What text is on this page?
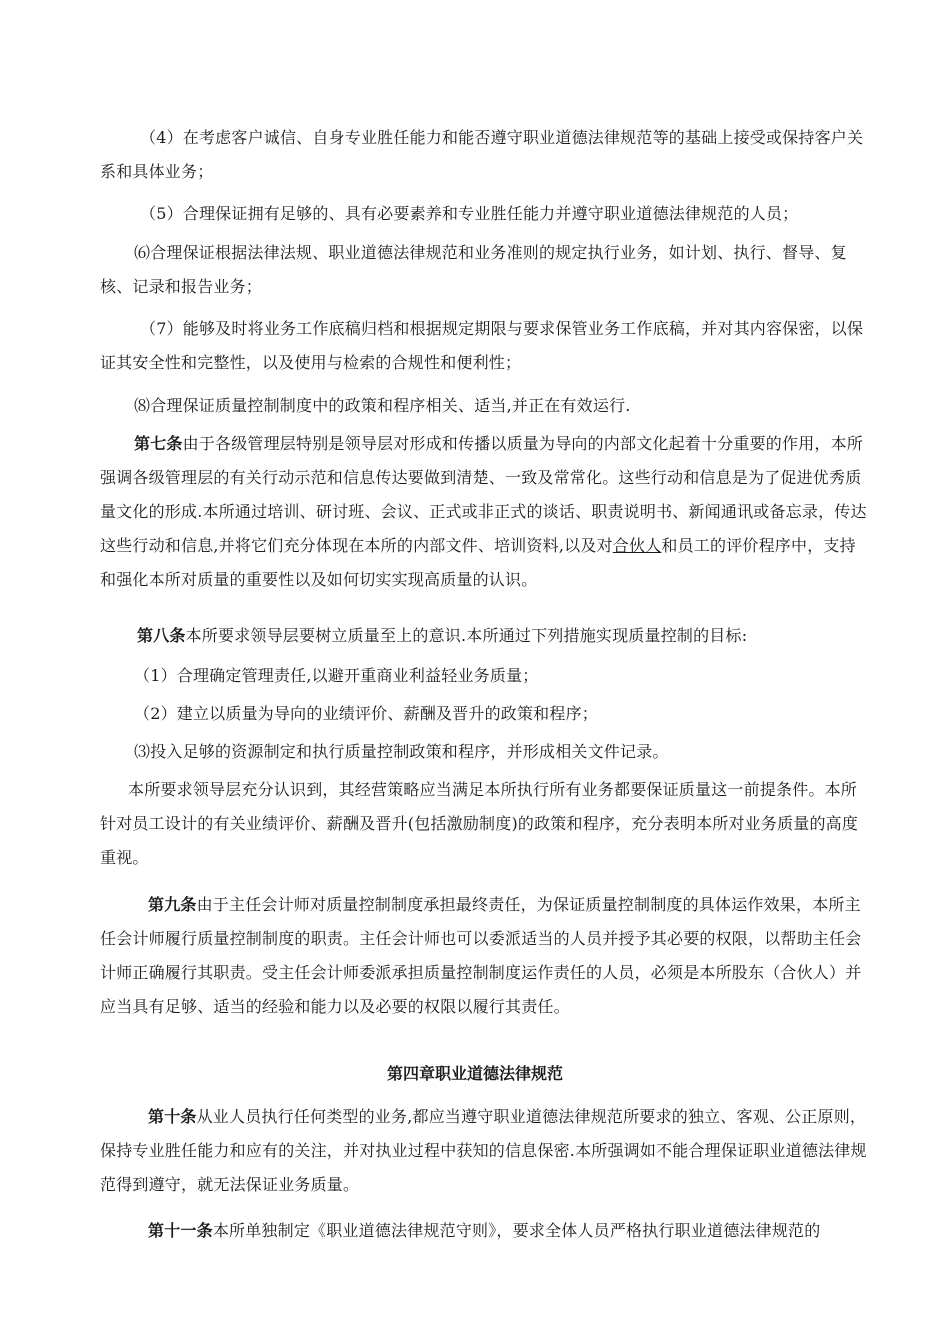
（4）在考虑客户诚信、自身专业胜任能力和能否遵守职业道德法律规范等的基础上接受或保持客户关系和具体业务；

（5）合理保证拥有足够的、具有必要素养和专业胜任能力并遵守职业道德法律规范的人员；

⑹合理保证根据法律法规、职业道德法律规范和业务准则的规定执行业务，如计划、执行、督导、复核、记录和报告业务；

（7）能够及时将业务工作底稿归档和根据规定期限与要求保管业务工作底稿，并对其内容保密，以保证其安全性和完整性，以及使用与检索的合规性和便利性；

⑻合理保证质量控制制度中的政策和程序相关、适当,并正在有效运行.

第七条由于各级管理层特别是领导层对形成和传播以质量为导向的内部文化起着十分重要的作用，本所强调各级管理层的有关行动示范和信息传达要做到清楚、一致及常常化。这些行动和信息是为了促进优秀质量文化的形成.本所通过培训、研讨班、会议、正式或非正式的谈话、职责说明书、新闻通讯或备忘录，传达这些行动和信息,并将它们充分体现在本所的内部文件、培训资料,以及对合伙人和员工的评价程序中，支持和强化本所对质量的重要性以及如何切实实现高质量的认识。

第八条本所要求领导层要树立质量至上的意识.本所通过下列措施实现质量控制的目标:

（1）合理确定管理责任,以避开重商业利益轻业务质量；

（2）建立以质量为导向的业绩评价、薪酬及晋升的政策和程序；

⑶投入足够的资源制定和执行质量控制政策和程序，并形成相关文件记录。

本所要求领导层充分认识到，其经营策略应当满足本所执行所有业务都要保证质量这一前提条件。本所针对员工设计的有关业绩评价、薪酬及晋升(包括激励制度)的政策和程序，充分表明本所对业务质量的高度重视。

第九条由于主任会计师对质量控制制度承担最终责任，为保证质量控制制度的具体运作效果，本所主任会计师履行质量控制制度的职责。主任会计师也可以委派适当的人员并授予其必要的权限，以帮助主任会计师正确履行其职责。受主任会计师委派承担质量控制制度运作责任的人员，必须是本所股东（合伙人）并应当具有足够、适当的经验和能力以及必要的权限以履行其责任。

第四章职业道德法律规范

第十条从业人员执行任何类型的业务,都应当遵守职业道德法律规范所要求的独立、客观、公正原则，保持专业胜任能力和应有的关注，并对执业过程中获知的信息保密.本所强调如不能合理保证职业道德法律规范得到遵守，就无法保证业务质量。

第十一条本所单独制定《职业道德法律规范守则》，要求全体人员严格执行职业道德法律规范的
